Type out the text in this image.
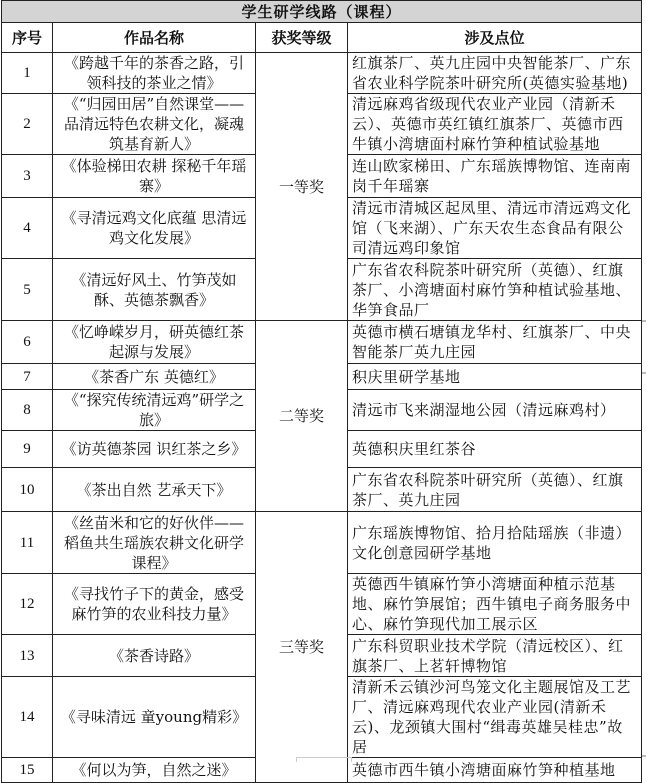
学生研学线路（课程）			
序号	作品名称	获奖等级	涉及点位
1	《跨越千年的茶香之路，引领科技的茶业之情》	一等奖	红旗茶厂、英九庄园中央智能茶厂、广东省农业科学院茶叶研究所(英德实验基地)
2	《“归园田居”自然课堂——品清远特色农耕文化，凝魂筑基育新人》		清远麻鸡省级现代农业产业园（清新禾云）、英德市英红镇红旗茶厂、英德市西牛镇小湾塘面村麻竹笋种植试验基地
3	《体验梯田农耕 探秘千年瑶寨》		连山欧家梯田、广东瑶族博物馆、连南南岗千年瑶寨
4	《寻清远鸡文化底蕴 思清远鸡文化发展》		清远市清城区起凤里、清远市清远鸡文化馆（飞来湖）、广东天农生态食品有限公司清远鸡印象馆
5	《清远好风土、竹笋茂如酥、英德茶飘香》		广东省农科院茶叶研究所（英德）、红旗茶厂、小湾塘面村麻竹笋种植试验基地、华笋食品厂
6	《忆峥嵘岁月，研英德红茶起源与发展》	二等奖	英德市横石塘镇龙华村、红旗茶厂、中央智能茶厂英九庄园
7	《茶香广东 英德红》		积庆里研学基地
8	《“探究传统清远鸡”研学之旅》		清远市飞来湖湿地公园（清远麻鸡村）
9	《访英德茶园 识红茶之乡》		英德积庆里红茶谷
10	《茶出自然 艺承天下》		广东省农科院茶叶研究所（英德）、红旗茶厂、英九庄园
11	《丝苗米和它的好伙伴——稻鱼共生瑶族农耕文化研学课程》	三等奖	广东瑶族博物馆、拾月拾陆瑶族（非遗）文化创意园研学基地
12	《寻找竹子下的黄金，感受麻竹笋的农业科技力量》		英德西牛镇麻竹笋小湾塘面种植示范基地、麻竹笋展馆；西牛镇电子商务服务中心、麻竹笋现代加工展示区
13	《茶香诗路》		广东科贸职业技术学院（清远校区）、红旗茶厂、上茗轩博物馆
14	《寻味清远 童young精彩》		清新禾云镇沙河鸟笼文化主题展馆及工艺厂、清远麻鸡现代农业产业园(清新禾云)、龙颈镇大围村“缉毒英雄吴桂忠”故居
15	《何以为笋，自然之迷》		英德市西牛镇小湾塘面麻竹笋种植基地
